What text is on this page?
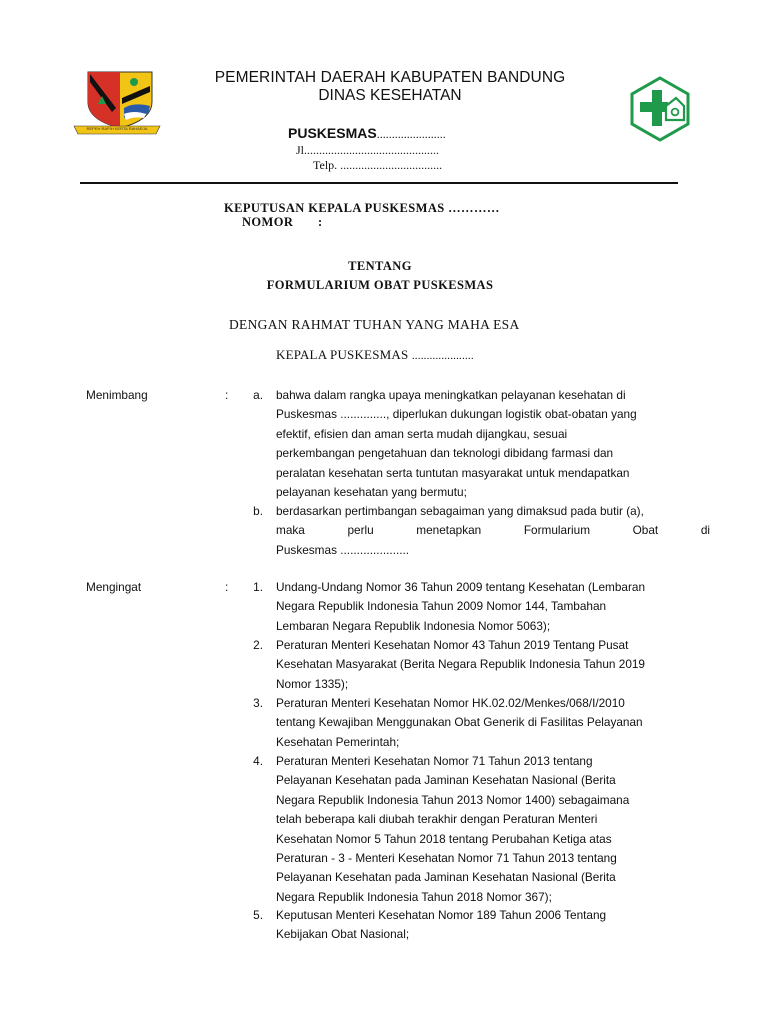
REPEH RAPIH KERTA RAHARJA
PEMERINTAH DAERAH KABUPATEN BANDUNG
DINAS KESEHATAN
PUSKESMAS.......................
Jl.............................................
Telp. ..................................
KEPUTUSAN KEPALA PUSKESMAS …………
NOMOR       :
TENTANG
FORMULARIUM OBAT PUSKESMAS
DENGAN RAHMAT TUHAN YANG MAHA ESA
KEPALA PUSKESMAS .....................
Menimbang	:	a. bahwa dalam rangka upaya meningkatkan pelayanan kesehatan di
Puskesmas .............., diperlukan dukungan logistik obat-obatan yang
efektif, efisien dan aman serta mudah dijangkau, sesuai
perkembangan pengetahuan dan teknologi dibidang farmasi dan
peralatan kesehatan serta tuntutan masyarakat untuk mendapatkan
pelayanan kesehatan yang bermutu;
b. berdasarkan pertimbangan sebagaiman yang dimaksud pada butir (a),
maka perlu menetapkan Formularium Obat di
Puskesmas .....................
Mengingat	:	1. Undang-Undang Nomor 36 Tahun 2009 tentang Kesehatan (Lembaran
Negara Republik Indonesia Tahun 2009 Nomor 144, Tambahan
Lembaran Negara Republik Indonesia Nomor 5063);
2. Peraturan Menteri Kesehatan Nomor 43 Tahun 2019 Tentang Pusat
Kesehatan Masyarakat (Berita Negara Republik Indonesia Tahun 2019
Nomor 1335);
3. Peraturan Menteri Kesehatan Nomor HK.02.02/Menkes/068/I/2010
tentang Kewajiban Menggunakan Obat Generik di Fasilitas Pelayanan
Kesehatan Pemerintah;
4. Peraturan Menteri Kesehatan Nomor 71 Tahun 2013 tentang
Pelayanan Kesehatan pada Jaminan Kesehatan Nasional (Berita
Negara Republik Indonesia Tahun 2013 Nomor 1400) sebagaimana
telah beberapa kali diubah terakhir dengan Peraturan Menteri
Kesehatan Nomor 5 Tahun 2018 tentang Perubahan Ketiga atas
Peraturan - 3 - Menteri Kesehatan Nomor 71 Tahun 2013 tentang
Pelayanan Kesehatan pada Jaminan Kesehatan Nasional (Berita
Negara Republik Indonesia Tahun 2018 Nomor 367);
5. Keputusan Menteri Kesehatan Nomor 189 Tahun 2006 Tentang
Kebijakan Obat Nasional;
